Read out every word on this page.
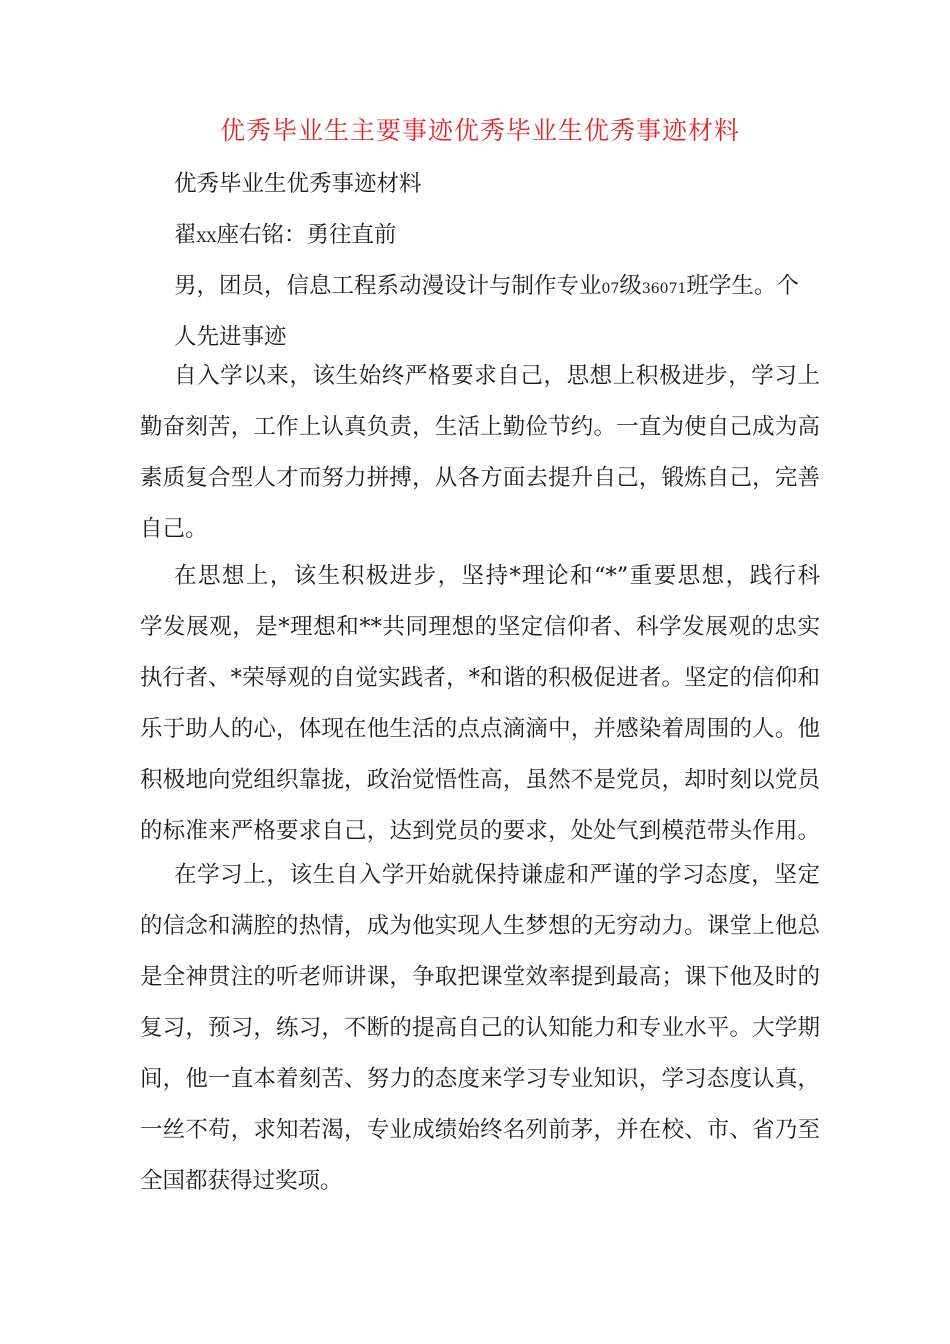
优秀毕业生主要事迹优秀毕业生优秀事迹材料
优秀毕业生优秀事迹材料
翟XX座右铭：勇往直前
男，团员，信息工程系动漫设计与制作专业07级36071班学生。个
人先进事迹
自入学以来，该生始终严格要求自己，思想上积极进步，学习上
勤奋刻苦，工作上认真负责，生活上勤俭节约。一直为使自己成为高
素质复合型人才而努力拼搏，从各方面去提升自己，锻炼自己，完善
自己。
在思想上，该生积极进步，坚持*理论和“*”重要思想，践行科
学发展观，是*理想和**共同理想的坚定信仰者、科学发展观的忠实
执行者、*荣辱观的自觉实践者，*和谐的积极促进者。坚定的信仰和
乐于助人的心，体现在他生活的点点滴滴中，并感染着周围的人。他
积极地向党组织靠拢，政治觉悟性高，虽然不是党员，却时刻以党员
的标准来严格要求自己，达到党员的要求，处处气到模范带头作用。
在学习上，该生自入学开始就保持谦虚和严谨的学习态度，坚定
的信念和满腔的热情，成为他实现人生梦想的无穷动力。课堂上他总
是全神贯注的听老师讲课，争取把课堂效率提到最高；课下他及时的
复习，预习，练习，不断的提高自己的认知能力和专业水平。大学期
间，他一直本着刻苦、努力的态度来学习专业知识，学习态度认真，
一丝不苟，求知若渴，专业成绩始终名列前茅，并在校、市、省乃至
全国都获得过奖项。
